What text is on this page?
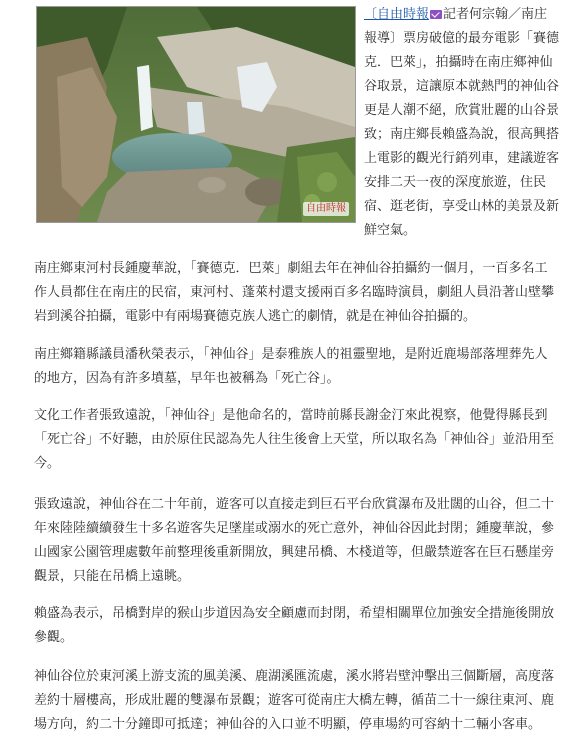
自由時報

〔自由時報 記者何宗翰／南庄報導〕票房破億的最夯電影「賽德克．巴萊」，拍攝時在南庄鄉神仙谷取景，這讓原本就熱門的神仙谷更是人潮不絕，欣賞壯麗的山谷景致；南庄鄉長賴盛為說，很高興搭上電影的觀光行銷列車，建議遊客安排二天一夜的深度旅遊，住民宿、逛老街，享受山林的美景及新鮮空氣。

南庄鄉東河村長鍾慶華說，「賽德克．巴萊」劇組去年在神仙谷拍攝約一個月，一百多名工作人員都住在南庄的民宿，東河村、蓬萊村還支援兩百多名臨時演員，劇組人員沿著山壁攀岩到溪谷拍攝，電影中有兩場賽德克族人逃亡的劇情，就是在神仙谷拍攝的。

南庄鄉籍縣議員潘秋榮表示，「神仙谷」是泰雅族人的祖靈聖地，是附近鹿場部落埋葬先人的地方，因為有許多墳墓，早年也被稱為「死亡谷」。

文化工作者張致遠說，「神仙谷」是他命名的，當時前縣長謝金汀來此視察，他覺得縣長到「死亡谷」不好聽，由於原住民認為先人往生後會上天堂，所以取名為「神仙谷」並沿用至今。

張致遠說，神仙谷在二十年前，遊客可以直接走到巨石平台欣賞瀑布及壯闊的山谷，但二十年來陸陸續續發生十多名遊客失足墜崖或溺水的死亡意外，神仙谷因此封閉；鍾慶華說，參山國家公園管理處數年前整理後重新開放，興建吊橋、木棧道等，但嚴禁遊客在巨石懸崖旁觀景，只能在吊橋上遠眺。

賴盛為表示，吊橋對岸的猴山步道因為安全顧慮而封閉，希望相關單位加強安全措施後開放參觀。

神仙谷位於東河溪上游支流的風美溪、鹿湖溪匯流處，溪水將岩壁沖擊出三個斷層，高度落差約十層樓高，形成壯麗的雙瀑布景觀；遊客可從南庄大橋左轉，循苗二十一線往東河、鹿場方向，約二十分鐘即可抵達；神仙谷的入口並不明顯，停車場約可容納十二輛小客車。
